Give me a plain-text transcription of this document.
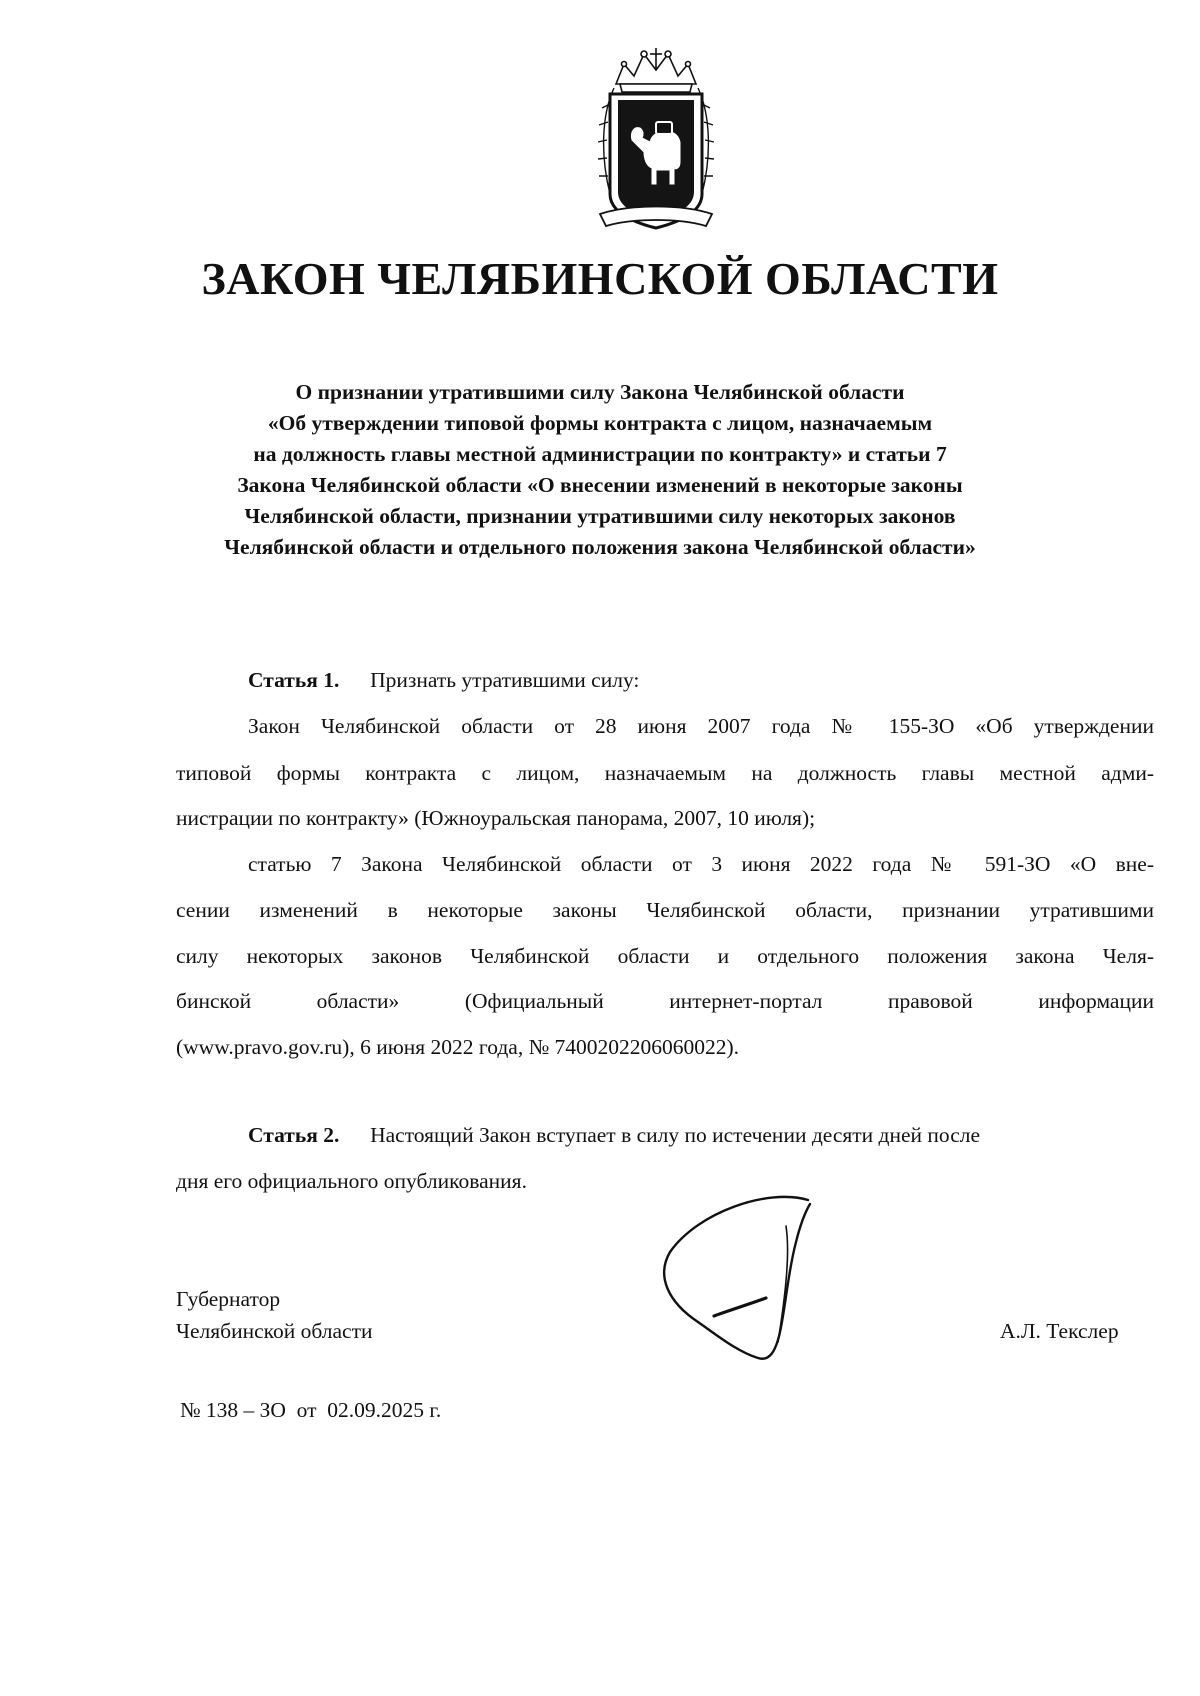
ЗАКОН ЧЕЛЯБИНСКОЙ ОБЛАСТИ

О признании утратившими силу Закона Челябинской области
«Об утверждении типовой формы контракта с лицом, назначаемым
на должность главы местной администрации по контракту» и статьи 7
Закона Челябинской области «О внесении изменений в некоторые законы
Челябинской области, признании утратившими силу некоторых законов
Челябинской области и отдельного положения закона Челябинской области»

Статья 1. Признать утратившими силу:
Закон Челябинской области от 28 июня 2007 года № 155-ЗО «Об утверждении
типовой формы контракта с лицом, назначаемым на должность главы местной адми-
нистрации по контракту» (Южноуральская панорама, 2007, 10 июля);
статью 7 Закона Челябинской области от 3 июня 2022 года № 591-ЗО «О вне-
сении изменений в некоторые законы Челябинской области, признании утратившими
силу некоторых законов Челябинской области и отдельного положения закона Челя-
бинской области» (Официальный интернет-портал правовой информации
(www.pravo.gov.ru), 6 июня 2022 года, № 7400202206060022).
Статья 2. Настоящий Закон вступает в силу по истечении десяти дней после
дня его официального опубликования.
Губернатор
Челябинской области	А.Л. Текслер
№ 138 – ЗО  от  02.09.2025 г.
